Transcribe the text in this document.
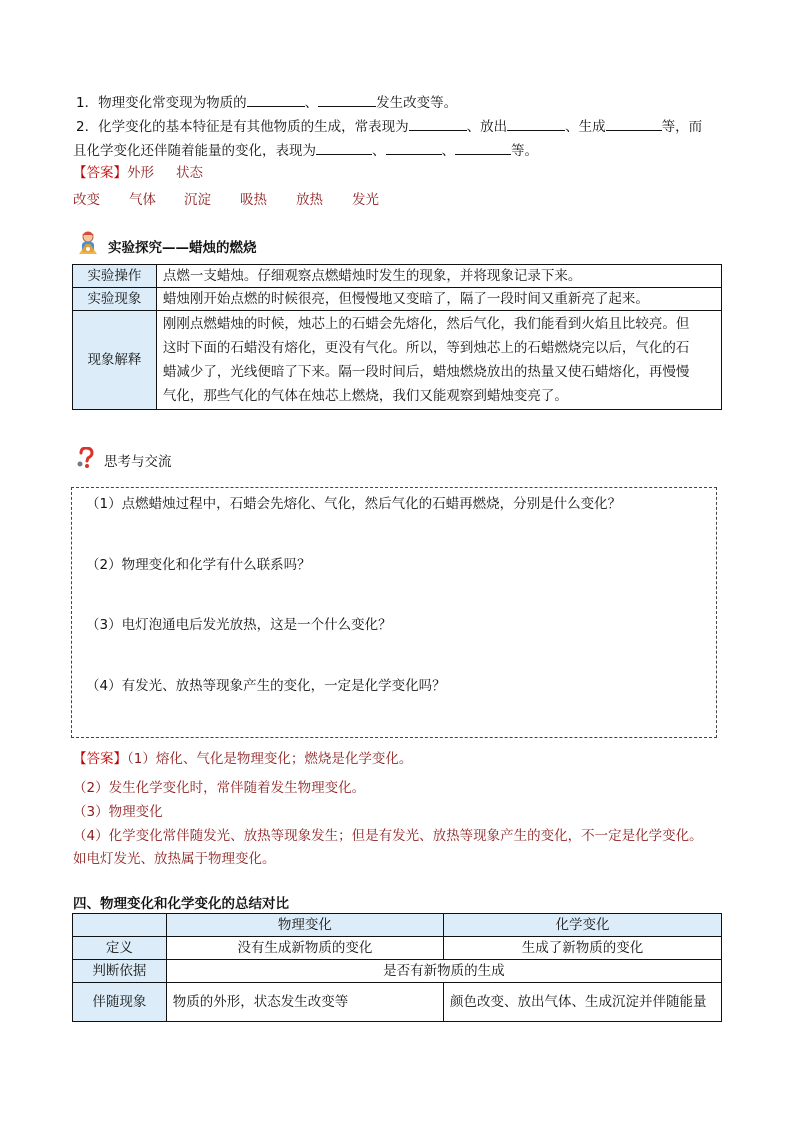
1．物理变化常变现为物质的	、	发生改变等。
2．化学变化的基本特征是有其他物质的生成，常表现为	、放出	、生成	等，而
且化学变化还伴随着能量的变化，表现为	、	、	等。
【答案】外形 状态
改变 气体 沉淀 吸热 放热 发光
实验探究——蜡烛的燃烧
实验操作	点燃一支蜡烛。仔细观察点燃蜡烛时发生的现象，并将现象记录下来。
实验现象	蜡烛刚开始点燃的时候很亮，但慢慢地又变暗了，隔了一段时间又重新亮了起来。
现象解释	刚刚点燃蜡烛的时候，烛芯上的石蜡会先熔化，然后气化，我们能看到火焰且比较亮。但
这时下面的石蜡没有熔化，更没有气化。所以，等到烛芯上的石蜡燃烧完以后，气化的石
蜡减少了，光线便暗了下来。隔一段时间后，蜡烛燃烧放出的热量又使石蜡熔化，再慢慢
气化，那些气化的气体在烛芯上燃烧，我们又能观察到蜡烛变亮了。
思考与交流
（1）点燃蜡烛过程中，石蜡会先熔化、气化，然后气化的石蜡再燃烧，分别是什么变化？
（2）物理变化和化学有什么联系吗？
（3）电灯泡通电后发光放热，这是一个什么变化？
（4）有发光、放热等现象产生的变化，一定是化学变化吗？
【答案】（1）熔化、气化是物理变化；燃烧是化学变化。
（2）发生化学变化时，常伴随着发生物理变化。
（3）物理变化
（4）化学变化常伴随发光、放热等现象发生；但是有发光、放热等现象产生的变化，不一定是化学变化。
如电灯发光、放热属于物理变化。
四、物理变化和化学变化的总结对比
	物理变化	化学变化
定义	没有生成新物质的变化	生成了新物质的变化
判断依据	是否有新物质的生成	
伴随现象	物质的外形，状态发生改变等	颜色改变、放出气体、生成沉淀并伴随能量
